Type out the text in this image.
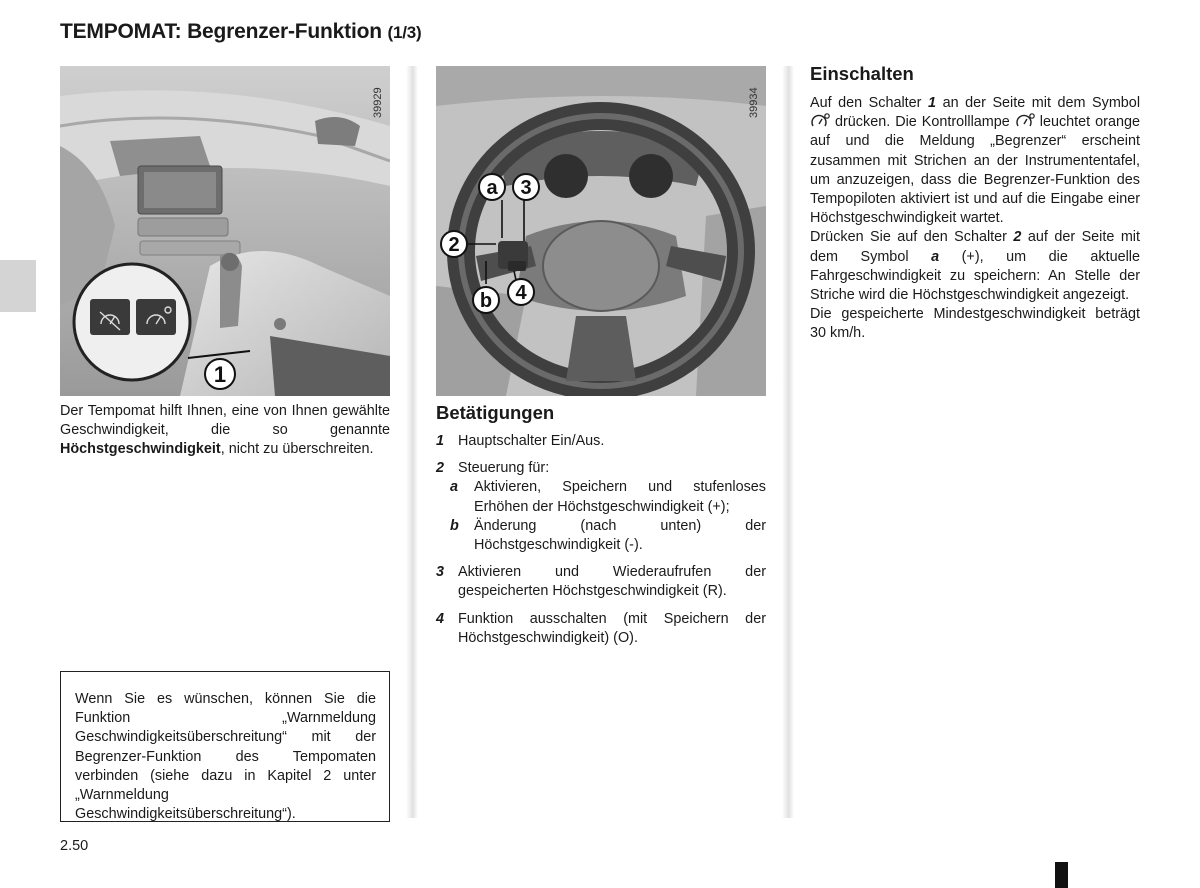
TEMPOMAT: Begrenzer-Funktion (1/3)
1
39929
a 3
2
b 4
39934
Der Tempomat hilft Ihnen, eine von Ihnen gewählte Geschwindigkeit, die so genannte Höchstgeschwindigkeit, nicht zu überschreiten.
Wenn Sie es wünschen, können Sie die Funktion „Warnmeldung Geschwindigkeitsüberschreitung“ mit der Begrenzer-Funktion des Tempomaten verbinden (siehe dazu in Kapitel 2 unter „Warnmeldung Geschwindigkeitsüberschreitung“).
Betätigungen
1 Hauptschalter Ein/Aus.
2 Steuerung für:
a	Aktivieren, Speichern und stufenloses Erhöhen der Höchstgeschwindigkeit (+);
b	Änderung (nach unten) der Höchstgeschwindigkeit (-).
3 Aktivieren und Wiederaufrufen der gespeicherten Höchstgeschwindigkeit (R).
4 Funktion ausschalten (mit Speichern der Höchstgeschwindigkeit) (O).
Einschalten
Auf den Schalter 1 an der Seite mit dem Symbol  drücken. Die Kontrolllampe leuchtet orange auf und die Meldung „Begrenzer“ erscheint zusammen mit Strichen an der Instrumententafel, um anzuzeigen, dass die Begrenzer-Funktion des Tempopiloten aktiviert ist und auf die Eingabe einer Höchstgeschwindigkeit wartet.
Drücken Sie auf den Schalter 2 auf der Seite mit dem Symbol a (+), um die aktuelle Fahrgeschwindigkeit zu speichern: An Stelle der Striche wird die Höchstgeschwindigkeit angezeigt.
Die gespeicherte Mindestgeschwindigkeit beträgt 30 km/h.
2.50
